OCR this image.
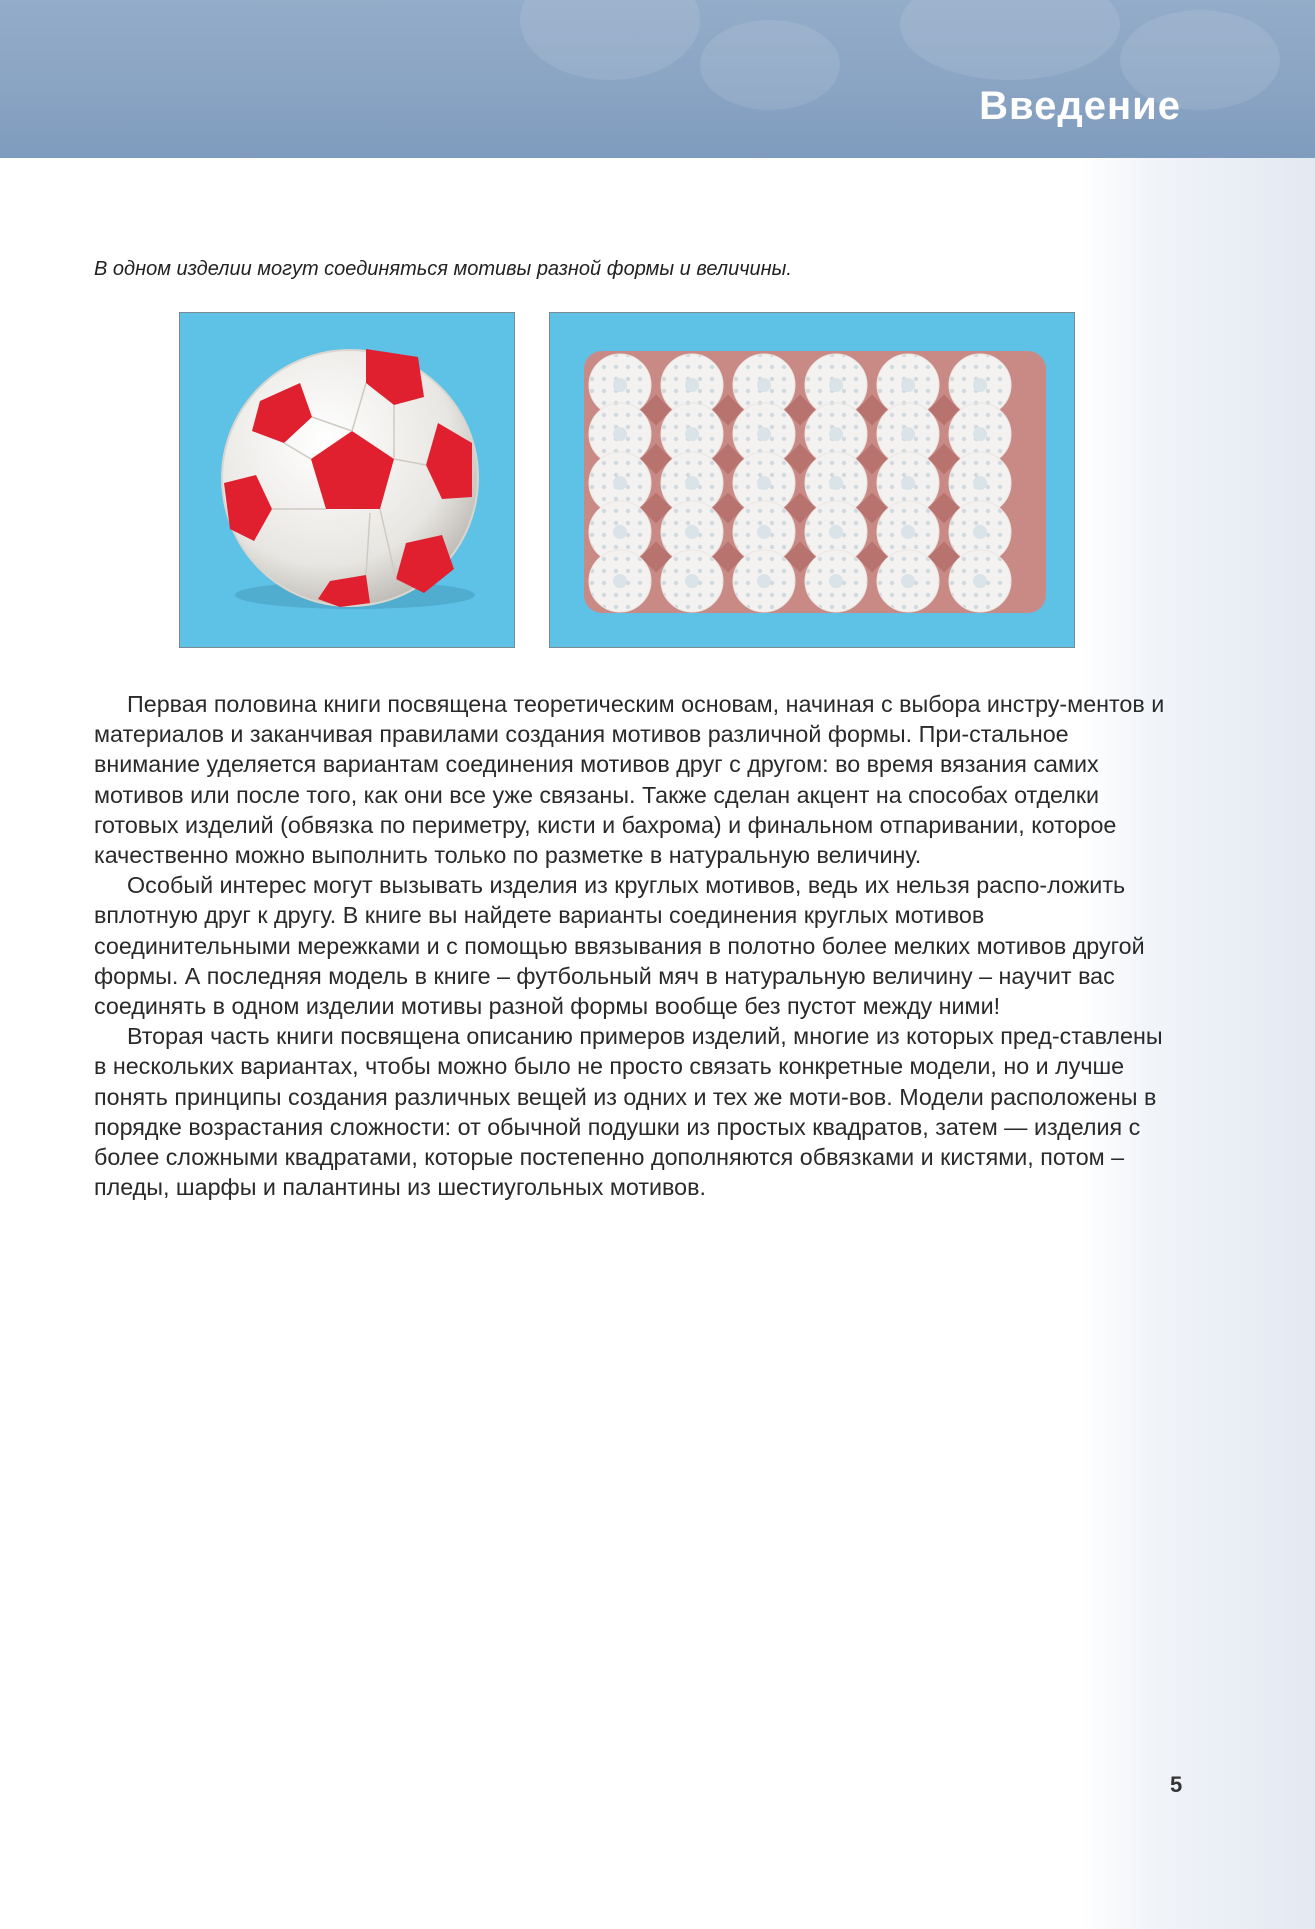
Введение

В одном изделии могут соединяться мотивы разной формы и величины.

Первая половина книги посвящена теоретическим основам, начиная с выбора инстру-ментов и материалов и заканчивая правилами создания мотивов различной формы. При-стальное внимание уделяется вариантам соединения мотивов друг с другом: во время вязания самих мотивов или после того, как они все уже связаны. Также сделан акцент на способах отделки готовых изделий (обвязка по периметру, кисти и бахрома) и финальном отпаривании, которое качественно можно выполнить только по разметке в натуральную величину.

Особый интерес могут вызывать изделия из круглых мотивов, ведь их нельзя распо-ложить вплотную друг к другу. В книге вы найдете варианты соединения круглых мотивов соединительными мережками и с помощью ввязывания в полотно более мелких мотивов другой формы. А последняя модель в книге – футбольный мяч в натуральную величину – научит вас соединять в одном изделии мотивы разной формы вообще без пустот между ними!

Вторая часть книги посвящена описанию примеров изделий, многие из которых пред-ставлены в нескольких вариантах, чтобы можно было не просто связать конкретные модели, но и лучше понять принципы создания различных вещей из одних и тех же моти-вов. Модели расположены в порядке возрастания сложности: от обычной подушки из простых квадратов, затем — изделия с более сложными квадратами, которые постепенно дополняются обвязками и кистями, потом – пледы, шарфы и палантины из шестиугольных мотивов.

5
